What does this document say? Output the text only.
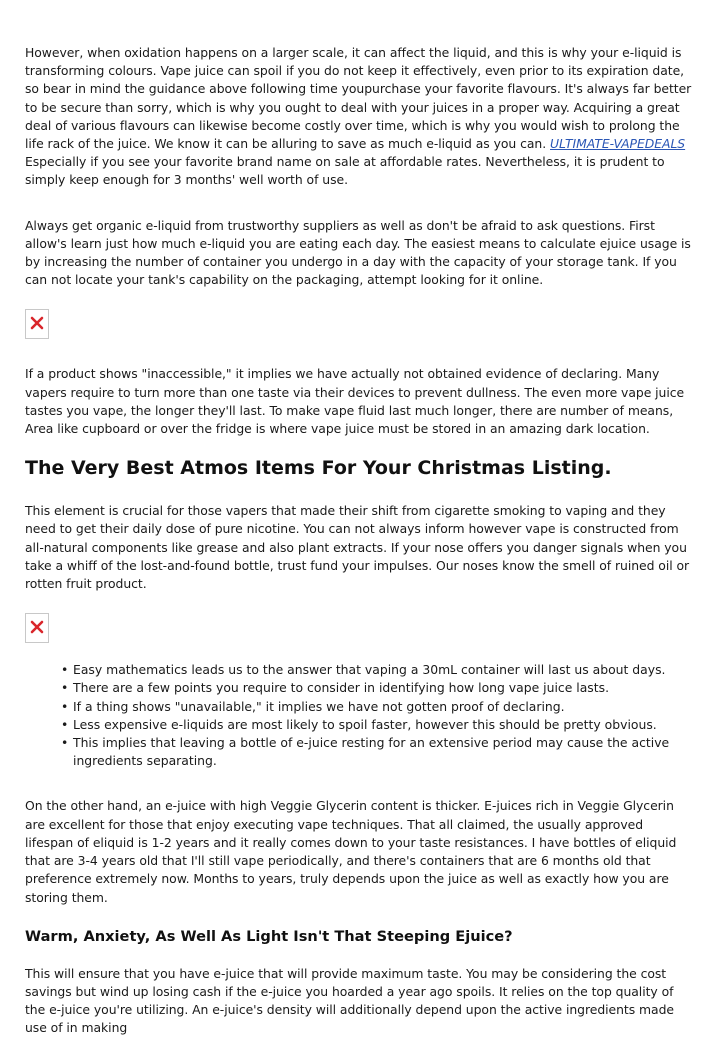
However, when oxidation happens on a larger scale, it can affect the liquid, and this is why your e-liquid is transforming colours. Vape juice can spoil if you do not keep it effectively, even prior to its expiration date, so bear in mind the guidance above following time youpurchase your favorite flavours. It's always far better to be secure than sorry, which is why you ought to deal with your juices in a proper way. Acquiring a great deal of various flavours can likewise become costly over time, which is why you would wish to prolong the life rack of the juice. We know it can be alluring to save as much e-liquid as you can. ULTIMATE-VAPEDEALS Especially if you see your favorite brand name on sale at affordable rates. Nevertheless, it is prudent to simply keep enough for 3 months' well worth of use.

Always get organic e-liquid from trustworthy suppliers as well as don't be afraid to ask questions. First allow's learn just how much e-liquid you are eating each day. The easiest means to calculate ejuice usage is by increasing the number of container you undergo in a day with the capacity of your storage tank. If you can not locate your tank's capability on the packaging, attempt looking for it online.

If a product shows "inaccessible," it implies we have actually not obtained evidence of declaring. Many vapers require to turn more than one taste via their devices to prevent dullness. The even more vape juice tastes you vape, the longer they'll last. To make vape fluid last much longer, there are number of means, Area like cupboard or over the fridge is where vape juice must be stored in an amazing dark location.

The Very Best Atmos Items For Your Christmas Listing.

This element is crucial for those vapers that made their shift from cigarette smoking to vaping and they need to get their daily dose of pure nicotine. You can not always inform however vape is constructed from all-natural components like grease and also plant extracts. If your nose offers you danger signals when you take a whiff of the lost-and-found bottle, trust fund your impulses. Our noses know the smell of ruined oil or rotten fruit product.

• Easy mathematics leads us to the answer that vaping a 30mL container will last us about days.
• There are a few points you require to consider in identifying how long vape juice lasts.
• If a thing shows "unavailable," it implies we have not gotten proof of declaring.
• Less expensive e-liquids are most likely to spoil faster, however this should be pretty obvious.
• This implies that leaving a bottle of e-juice resting for an extensive period may cause the active ingredients separating.

On the other hand, an e-juice with high Veggie Glycerin content is thicker. E-juices rich in Veggie Glycerin are excellent for those that enjoy executing vape techniques. That all claimed, the usually approved lifespan of eliquid is 1-2 years and it really comes down to your taste resistances. I have bottles of eliquid that are 3-4 years old that I'll still vape periodically, and there's containers that are 6 months old that preference extremely now. Months to years, truly depends upon the juice as well as exactly how you are storing them.

Warm, Anxiety, As Well As Light Isn't That Steeping Ejuice?

This will ensure that you have e-juice that will provide maximum taste. You may be considering the cost savings but wind up losing cash if the e-juice you hoarded a year ago spoils. It relies on the top quality of the e-juice you're utilizing. An e-juice's density will additionally depend upon the active ingredients made use of in making
